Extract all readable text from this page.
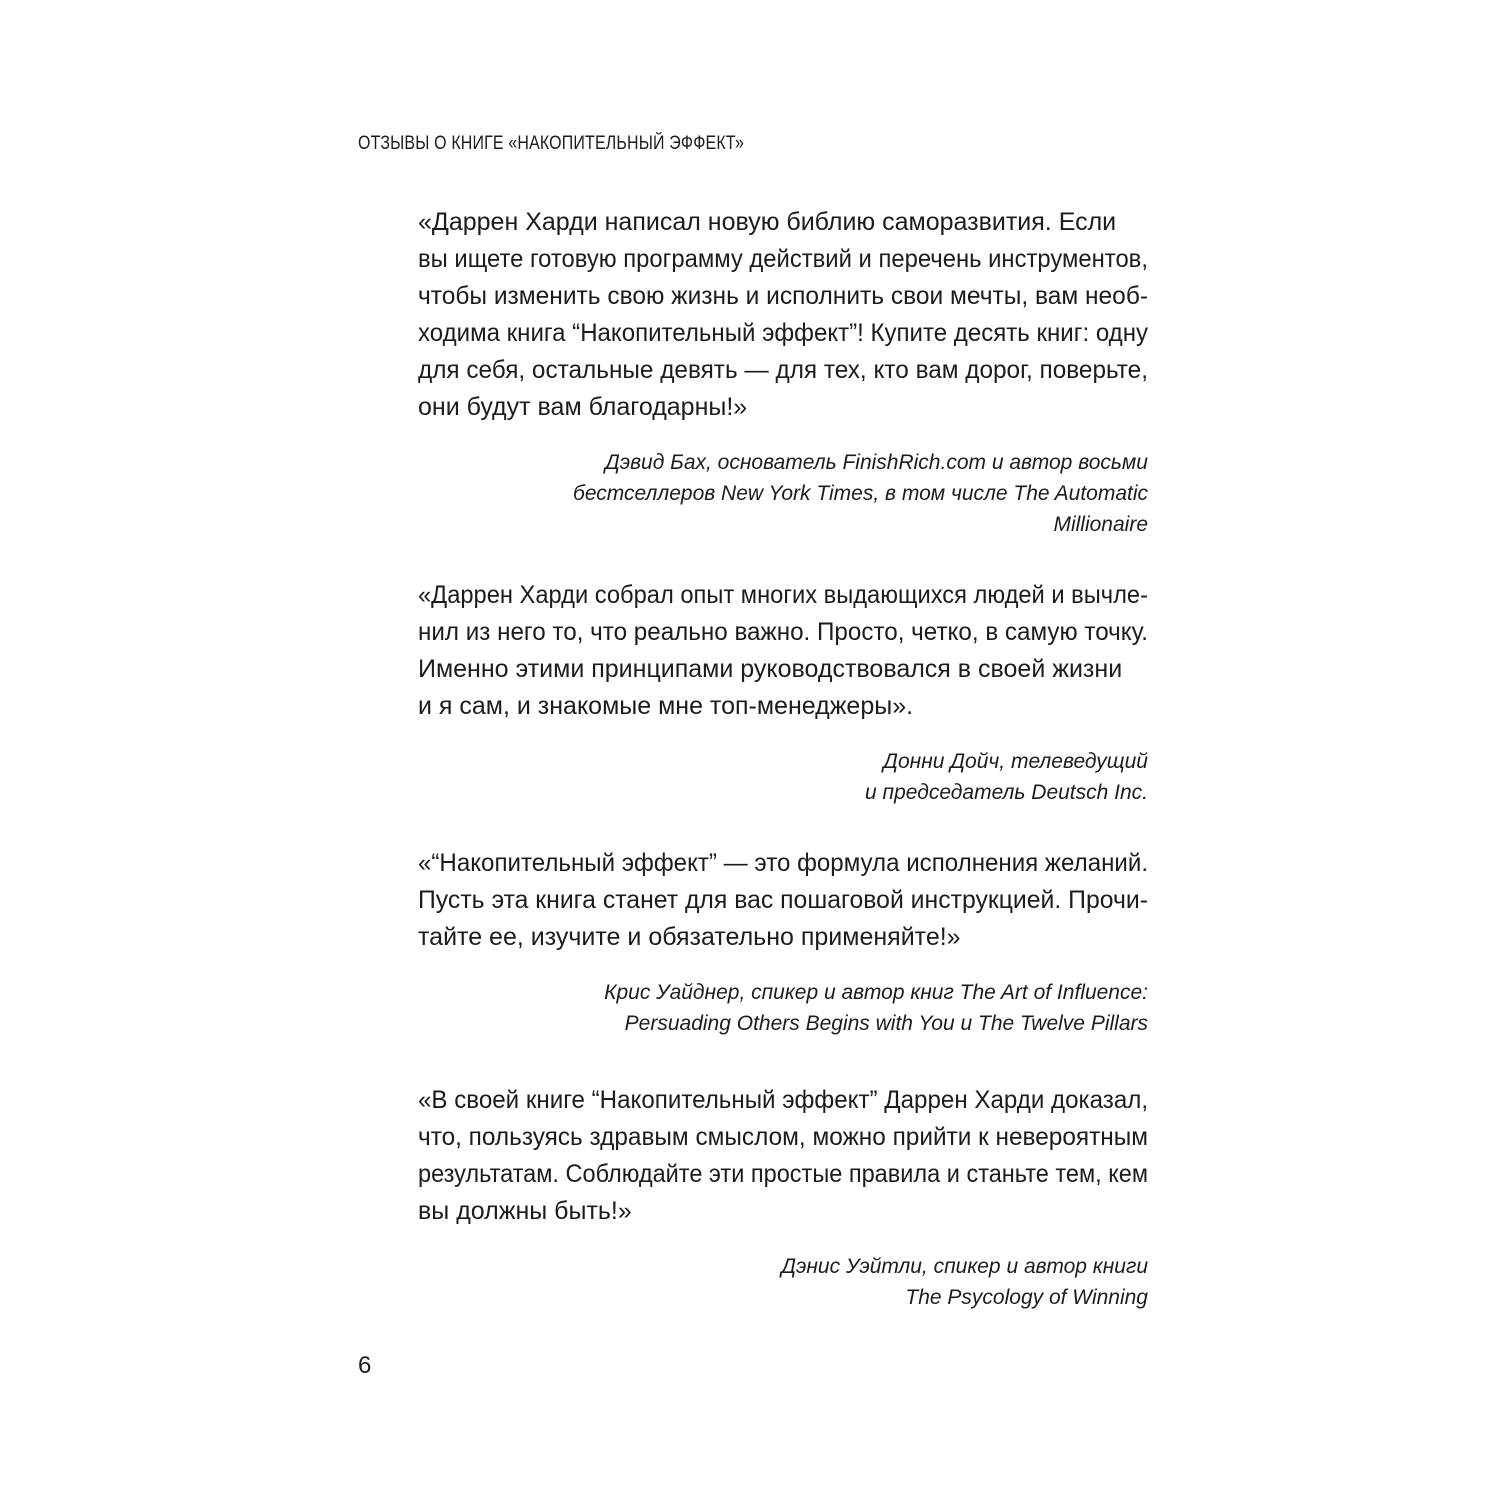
ОТЗЫВЫ О КНИГЕ «НАКОПИТЕЛЬНЫЙ ЭФФЕКТ»
«Даррен Харди написал новую библию саморазвития. Если
вы ищете готовую программу действий и перечень инструментов,
чтобы изменить свою жизнь и исполнить свои мечты, вам необ-
ходима книга “Накопительный эффект”! Купите десять книг: одну
для себя, остальные девять — для тех, кто вам дорог, поверьте,
они будут вам благодарны!»
Дэвид Бах, основатель FinishRich.com и автор восьми
бестселлеров New York Times, в том числе The Automatic
Millionaire
«Даррен Харди собрал опыт многих выдающихся людей и вычле-
нил из него то, что реально важно. Просто, четко, в самую точку.
Именно этими принципами руководствовался в своей жизни
и я сам, и знакомые мне топ-менеджеры».
Донни Дойч, телеведущий
и председатель Deutsch Inc.
«“Накопительный эффект” — это формула исполнения желаний.
Пусть эта книга станет для вас пошаговой инструкцией. Прочи-
тайте ее, изучите и обязательно применяйте!»
Крис Уайднер, спикер и автор книг The Art of Influence:
Persuading Others Begins with You и The Twelve Pillars
«В своей книге “Накопительный эффект” Даррен Харди доказал,
что, пользуясь здравым смыслом, можно прийти к невероятным
результатам. Соблюдайте эти простые правила и станьте тем, кем
вы должны быть!»
Дэнис Уэйтли, спикер и автор книги
The Psycology of Winning
6
